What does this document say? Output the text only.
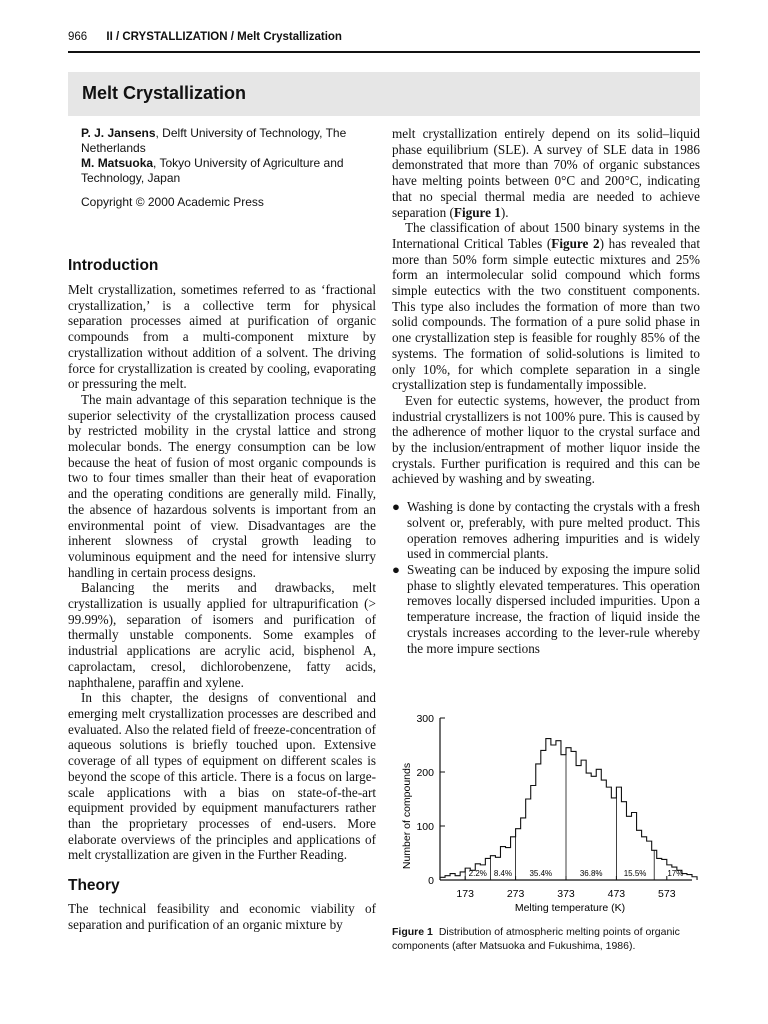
966 II / CRYSTALLIZATION / Melt Crystallization
Melt Crystallization

P. J. Jansens, Delft University of Technology, The Netherlands

M. Matsuoka, Tokyo University of Agriculture and Technology, Japan

Copyright © 2000 Academic Press

Introduction

Melt crystallization, sometimes referred to as ‘fractional crystallization,’ is a collective term for physical separation processes aimed at purification of organic compounds from a multi-component mixture by crystallization without addition of a solvent. The driving force for crystallization is created by cooling, evaporating or pressuring the melt.

The main advantage of this separation technique is the superior selectivity of the crystallization process caused by restricted mobility in the crystal lattice and strong molecular bonds. The energy consumption can be low because the heat of fusion of most organic compounds is two to four times smaller than their heat of evaporation and the operating conditions are generally mild. Finally, the absence of hazardous solvents is important from an environmental point of view. Disadvantages are the inherent slowness of crystal growth leading to voluminous equipment and the need for intensive slurry handling in certain process designs.

Balancing the merits and drawbacks, melt crystallization is usually applied for ultrapurification (> 99.99%), separation of isomers and purification of thermally unstable components. Some examples of industrial applications are acrylic acid, bisphenol A, caprolactam, cresol, dichlorobenzene, fatty acids, naphthalene, paraffin and xylene.

In this chapter, the designs of conventional and emerging melt crystallization processes are described and evaluated. Also the related field of freeze-concentration of aqueous solutions is briefly touched upon. Extensive coverage of all types of equipment on different scales is beyond the scope of this article. There is a focus on large-scale applications with a bias on state-of-the-art equipment provided by equipment manufacturers rather than the proprietary processes of end-users. More elaborate overviews of the principles and applications of melt crystallization are given in the Further Reading.

Theory

The technical feasibility and economic viability of separation and purification of an organic mixture by

melt crystallization entirely depend on its solid–liquid phase equilibrium (SLE). A survey of SLE data in 1986 demonstrated that more than 70% of organic substances have melting points between 0°C and 200°C, indicating that no special thermal media are needed to achieve separation (Figure 1).

The classification of about 1500 binary systems in the International Critical Tables (Figure 2) has revealed that more than 50% form simple eutectic mixtures and 25% form an intermolecular solid compound which forms simple eutectics with the two constituent components. This type also includes the formation of more than two solid compounds. The formation of a pure solid phase in one crystallization step is feasible for roughly 85% of the systems. The formation of solid-solutions is limited to only 10%, for which complete separation in a single crystallization step is fundamentally impossible.

Even for eutectic systems, however, the product from industrial crystallizers is not 100% pure. This is caused by the adherence of mother liquor to the crystal surface and by the inclusion/entrapment of mother liquor inside the crystals. Further purification is required and this can be achieved by washing and by sweating.

● Washing is done by contacting the crystals with a fresh solvent or, preferably, with pure melted product. This operation removes adhering impurities and is widely used in commercial plants.
● Sweating can be induced by exposing the impure solid phase to slightly elevated temperatures. This operation removes locally dispersed included impurities. Upon a temperature increase, the fraction of liquid inside the crystals increases according to the lever-rule whereby the more impure sections
0
100
200
300
173	273	373	473	573
2.2% 8.4% 35.4%	36.8%	15.5%	17%
Number of compounds
Melting temperature (K)
Figure 1 Distribution of atmospheric melting points of organic components (after Matsuoka and Fukushima, 1986).
